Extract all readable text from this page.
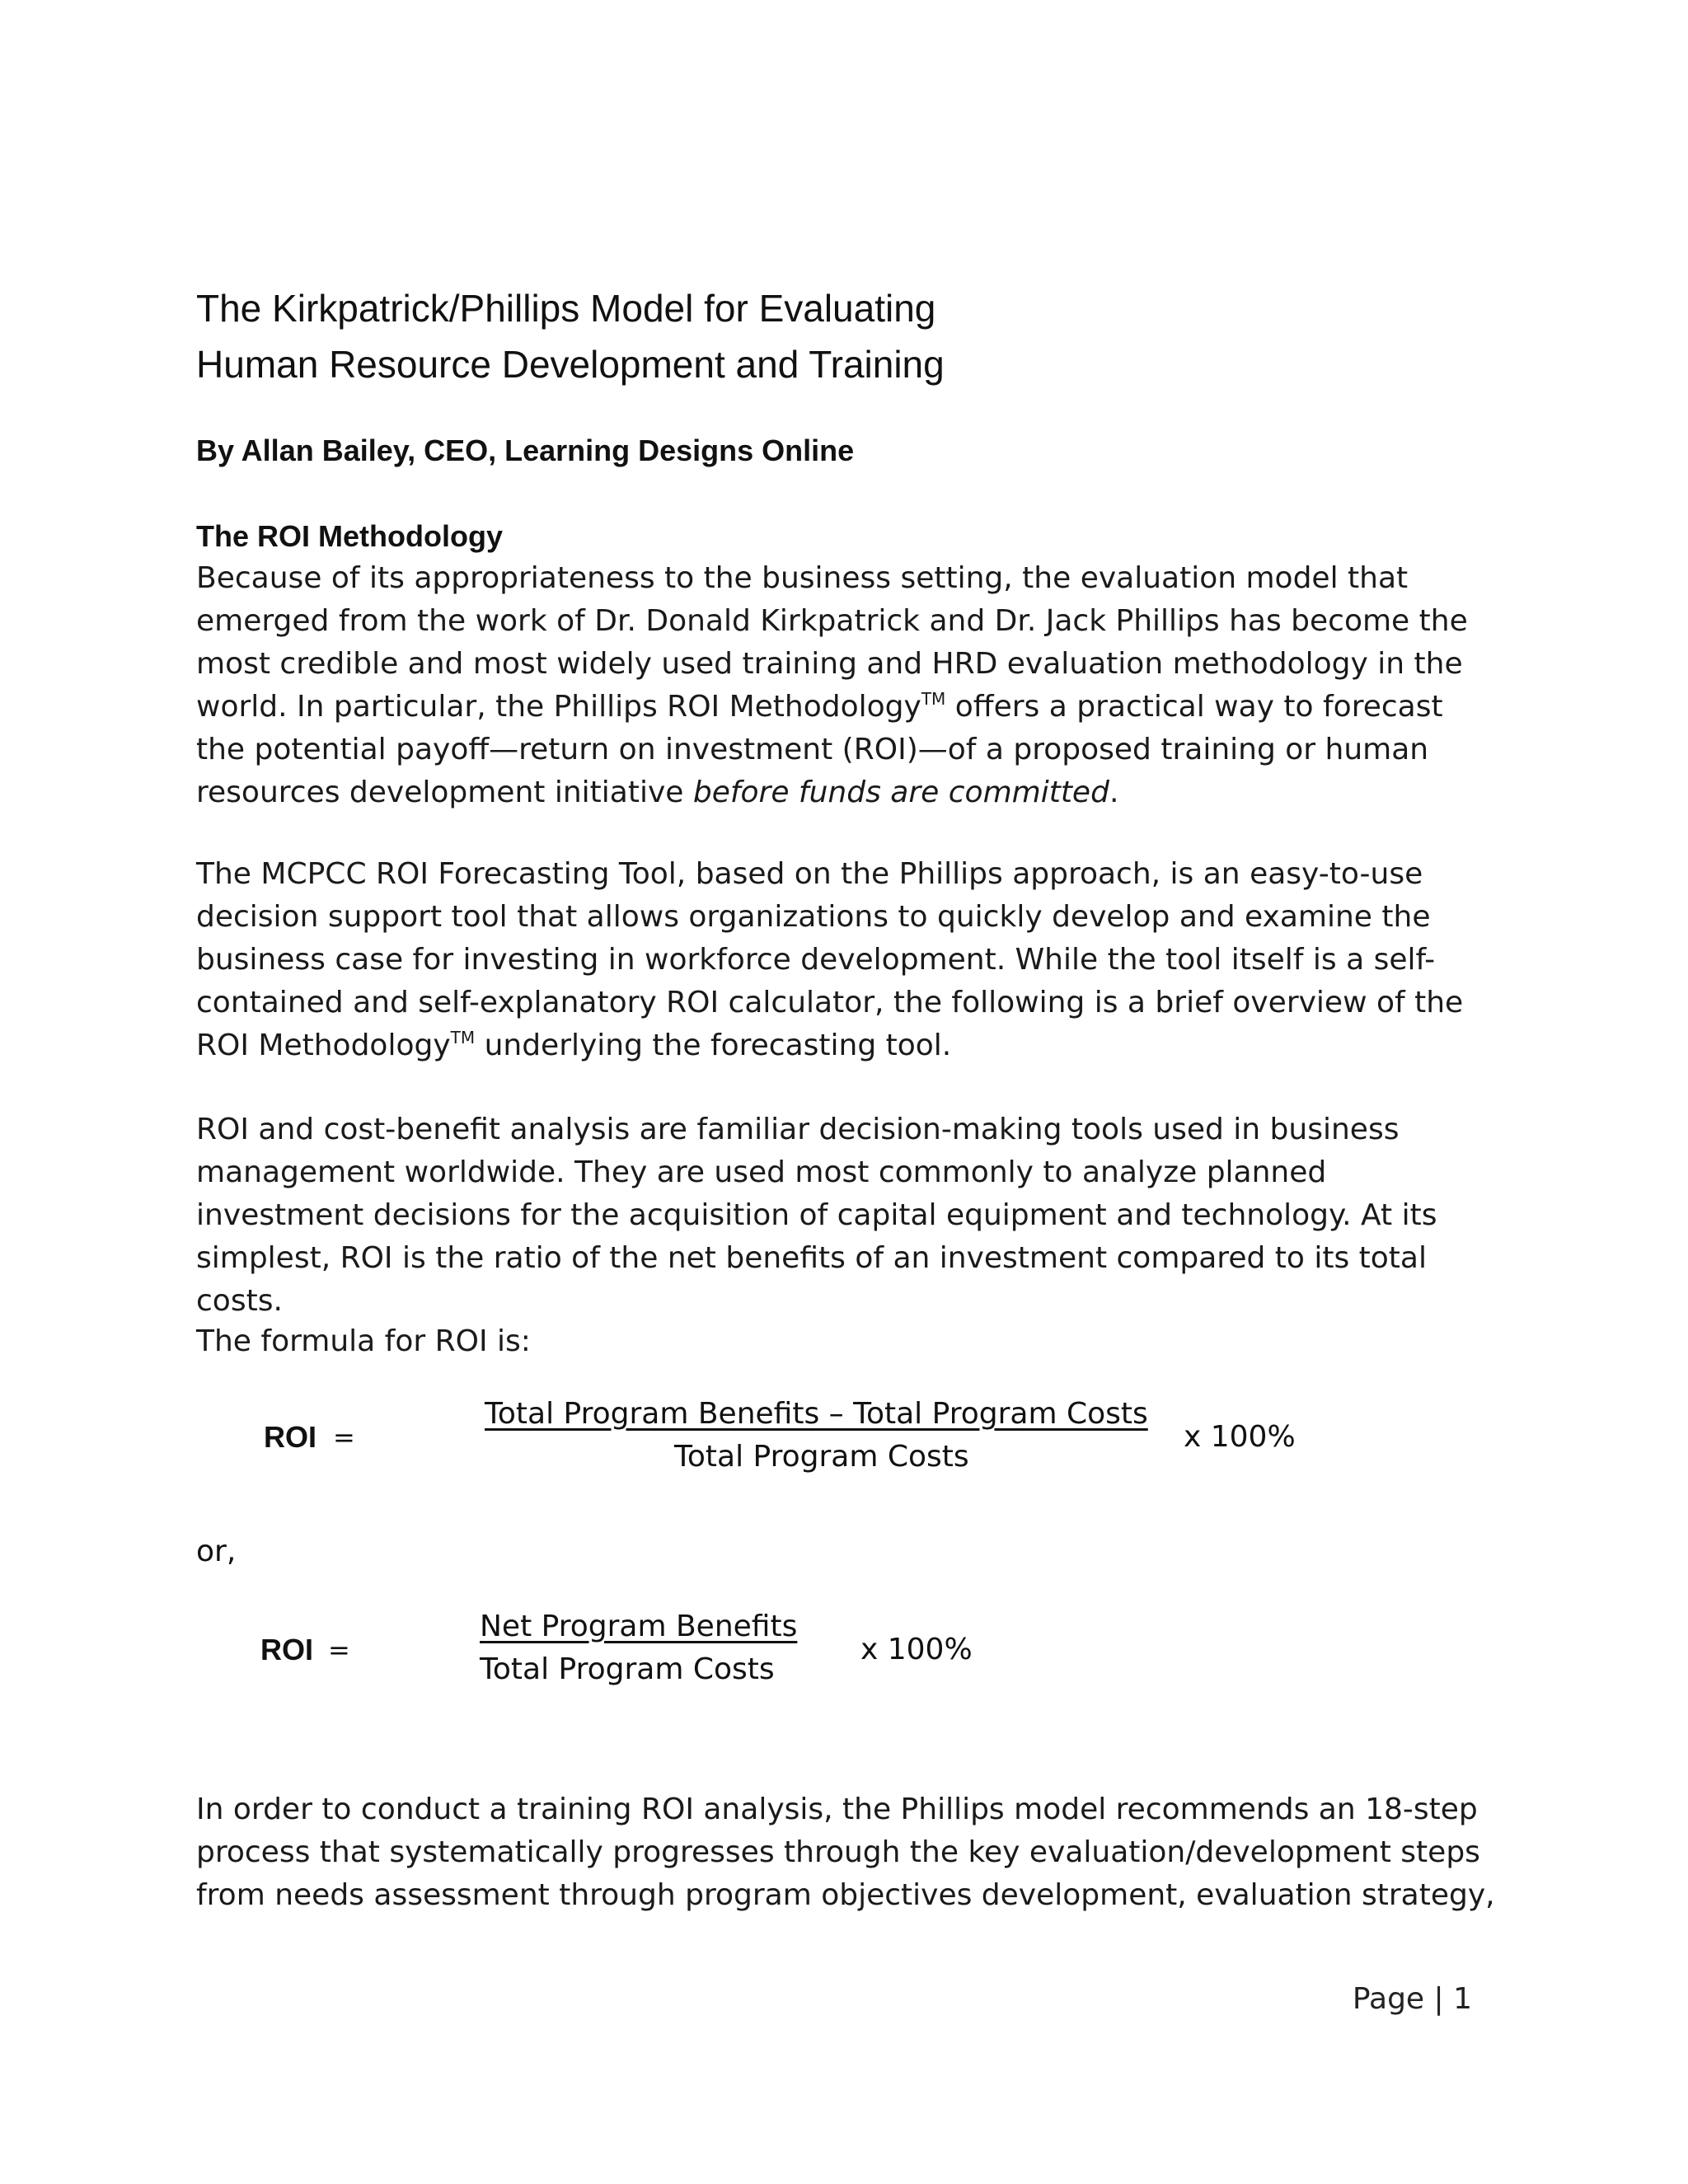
The Kirkpatrick/Phillips Model for Evaluating
Human Resource Development and Training

By Allan Bailey, CEO, Learning Designs Online

The ROI Methodology

Because of its appropriateness to the business setting, the evaluation model that emerged from the work of Dr. Donald Kirkpatrick and Dr. Jack Phillips has become the most credible and most widely used training and HRD evaluation methodology in the world. In particular, the Phillips ROI Methodology™ offers a practical way to forecast the potential payoff—return on investment (ROI)—of a proposed training or human resources development initiative before funds are committed.

The MCPCC ROI Forecasting Tool, based on the Phillips approach, is an easy-to-use decision support tool that allows organizations to quickly develop and examine the business case for investing in workforce development. While the tool itself is a self-contained and self-explanatory ROI calculator, the following is a brief overview of the ROI Methodology™ underlying the forecasting tool.

ROI and cost-benefit analysis are familiar decision-making tools used in business management worldwide. They are used most commonly to analyze planned investment decisions for the acquisition of capital equipment and technology. At its simplest, ROI is the ratio of the net benefits of an investment compared to its total costs.

The formula for ROI is:

ROI =
Total Program Benefits – Total Program Costs
Total Program Costs
x 100%

or,

ROI =
Net Program Benefits
Total Program Costs
x 100%

In order to conduct a training ROI analysis, the Phillips model recommends an 18-step process that systematically progresses through the key evaluation/development steps from needs assessment through program objectives development, evaluation strategy,

Page | 1
